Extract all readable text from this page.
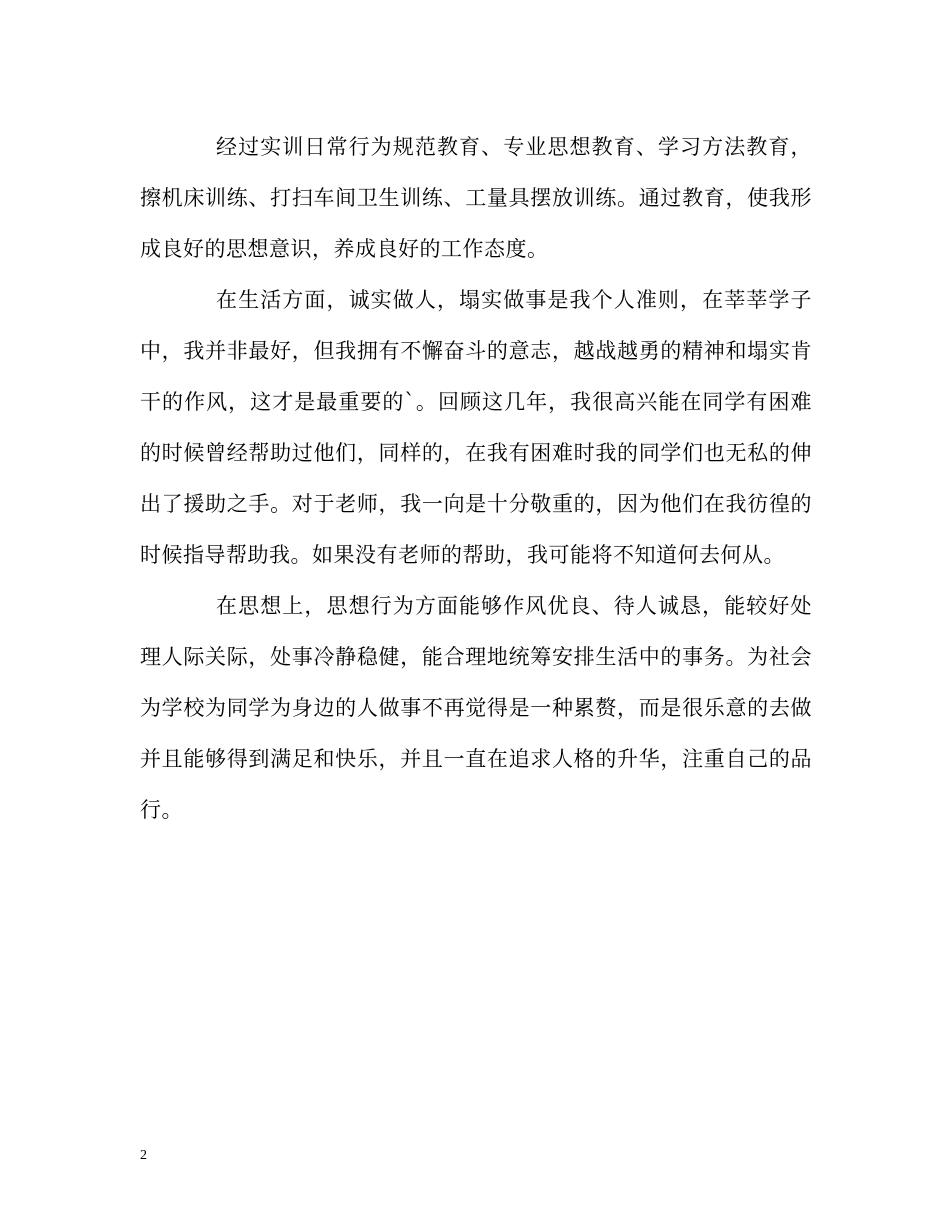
经过实训日常行为规范教育、专业思想教育、学习方法教育，擦机床训练、打扫车间卫生训练、工量具摆放训练。通过教育，使我形成良好的思想意识，养成良好的工作态度。

在生活方面，诚实做人，塌实做事是我个人准则，在莘莘学子中，我并非最好，但我拥有不懈奋斗的意志，越战越勇的精神和塌实肯干的作风，这才是最重要的`。回顾这几年，我很高兴能在同学有困难的时候曾经帮助过他们，同样的，在我有困难时我的同学们也无私的伸出了援助之手。对于老师，我一向是十分敬重的，因为他们在我彷徨的时候指导帮助我。如果没有老师的帮助，我可能将不知道何去何从。

在思想上，思想行为方面能够作风优良、待人诚恳，能较好处理人际关际，处事冷静稳健，能合理地统筹安排生活中的事务。为社会为学校为同学为身边的人做事不再觉得是一种累赘，而是很乐意的去做并且能够得到满足和快乐，并且一直在追求人格的升华，注重自己的品行。

2
